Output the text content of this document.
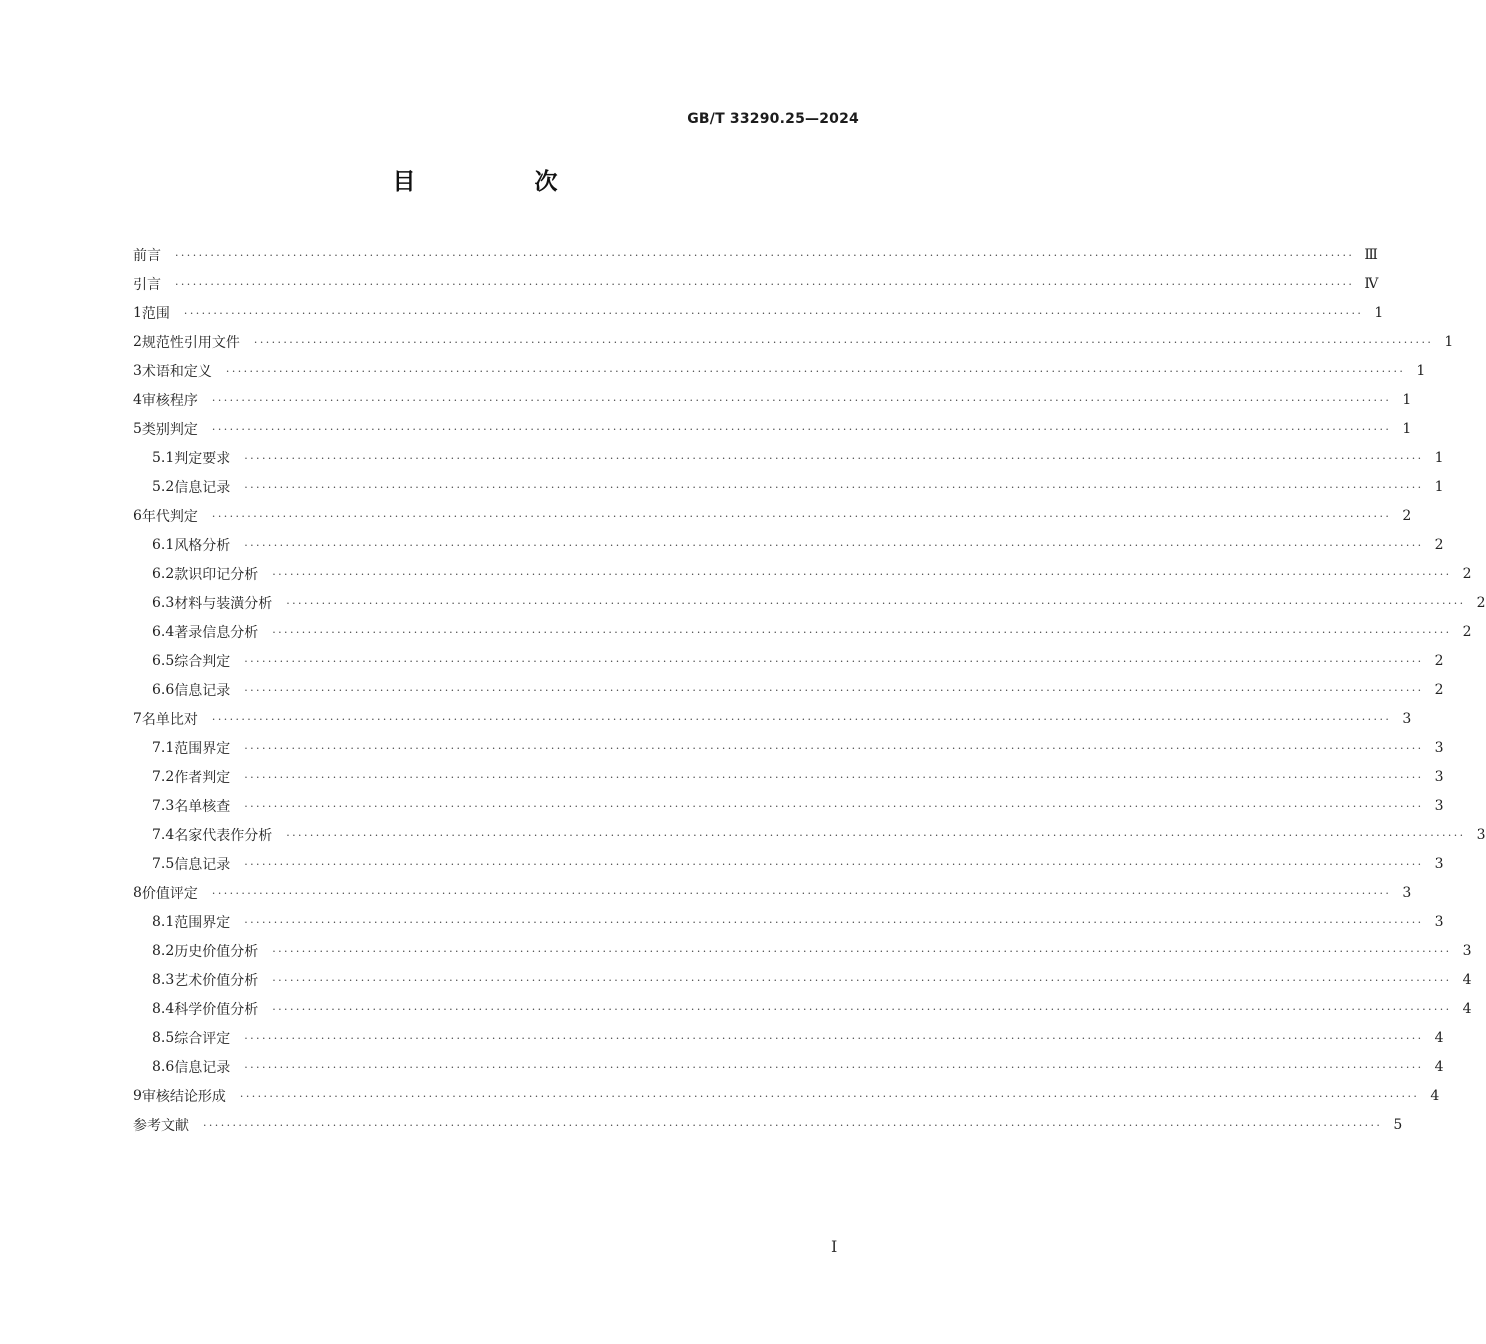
GB/T 33290.25—2024
目　次
前言 ········································································································································································································ Ⅲ
引言 ········································································································································································································ Ⅳ
1 范围 ········································································································································································································ 1
2 规范性引用文件 ········································································································································································································ 1
3 术语和定义 ········································································································································································································ 1
4 审核程序 ········································································································································································································ 1
5 类别判定 ········································································································································································································ 1
5.1 判定要求 ········································································································································································································ 1
5.2 信息记录 ········································································································································································································ 1
6 年代判定 ········································································································································································································ 2
6.1 风格分析 ········································································································································································································ 2
6.2 款识印记分析 ········································································································································································································ 2
6.3 材料与装潢分析 ········································································································································································································ 2
6.4 著录信息分析 ········································································································································································································ 2
6.5 综合判定 ········································································································································································································ 2
6.6 信息记录 ········································································································································································································ 2
7 名单比对 ········································································································································································································ 3
7.1 范围界定 ········································································································································································································ 3
7.2 作者判定 ········································································································································································································ 3
7.3 名单核查 ········································································································································································································ 3
7.4 名家代表作分析 ········································································································································································································ 3
7.5 信息记录 ········································································································································································································ 3
8 价值评定 ········································································································································································································ 3
8.1 范围界定 ········································································································································································································ 3
8.2 历史价值分析 ········································································································································································································ 3
8.3 艺术价值分析 ········································································································································································································ 4
8.4 科学价值分析 ········································································································································································································ 4
8.5 综合评定 ········································································································································································································ 4
8.6 信息记录 ········································································································································································································ 4
9 审核结论形成 ········································································································································································································ 4
参考文献 ········································································································································································································ 5
Ⅰ
